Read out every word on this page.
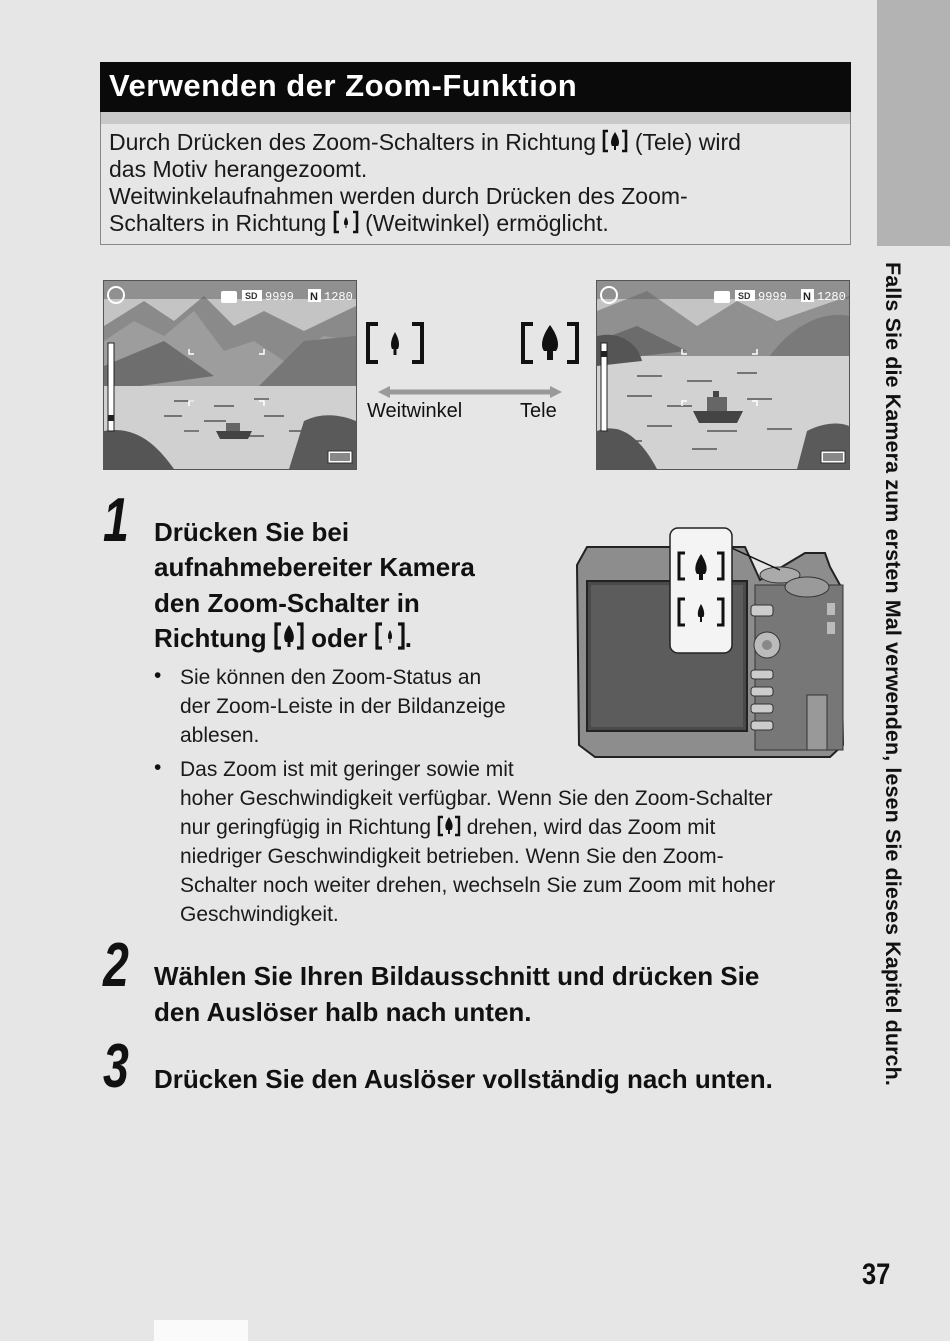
Falls Sie die Kamera zum ersten Mal verwenden, lesen Sie dieses Kapitel durch.
37
Verwenden der Zoom-Funktion
Durch Drücken des Zoom-Schalters in Richtung (Tele) wird
das Motiv herangezoomt.
Weitwinkelaufnahmen werden durch Drücken des Zoom-
Schalters in Richtung (Weitwinkel) ermöglicht.
SD 9999 N 1280	SD 9999 N 1280
Weitwinkel	Tele
1 Drücken Sie bei
aufnahmebereiter Kamera
den Zoom-Schalter in
Richtung oder .
• Sie können den Zoom-Status an
der Zoom-Leiste in der Bildanzeige
ablesen.
• Das Zoom ist mit geringer sowie mit
hoher Geschwindigkeit verfügbar. Wenn Sie den Zoom-Schalter
nur geringfügig in Richtung drehen, wird das Zoom mit
niedriger Geschwindigkeit betrieben. Wenn Sie den Zoom-
Schalter noch weiter drehen, wechseln Sie zum Zoom mit hoher
Geschwindigkeit.
2 Wählen Sie Ihren Bildausschnitt und drücken Sie
den Auslöser halb nach unten.
3 Drücken Sie den Auslöser vollständig nach unten.
